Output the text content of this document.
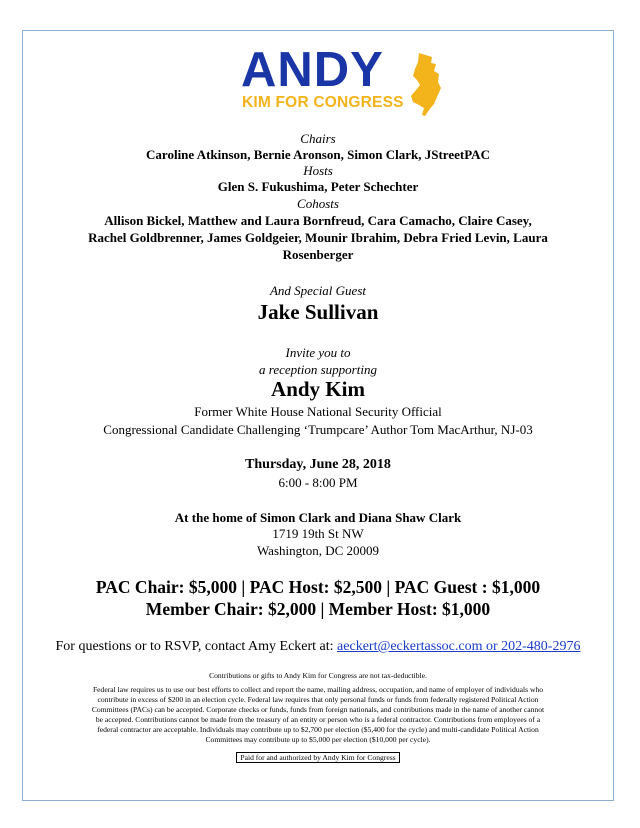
ANDY
KIM FOR CONGRESS
Chairs
Caroline Atkinson, Bernie Aronson, Simon Clark, JStreetPAC
Hosts
Glen S. Fukushima, Peter Schechter
Cohosts
Allison Bickel, Matthew and Laura Bornfreud, Cara Camacho, Claire Casey,
Rachel Goldbrenner, James Goldgeier, Mounir Ibrahim, Debra Fried Levin, Laura
Rosenberger
And Special Guest
Jake Sullivan
Invite you to
a reception supporting
Andy Kim
Former White House National Security Official
Congressional Candidate Challenging ‘Trumpcare’ Author Tom MacArthur, NJ-03
Thursday, June 28, 2018
6:00 - 8:00 PM
At the home of Simon Clark and Diana Shaw Clark
1719 19th St NW
Washington, DC 20009
PAC Chair: $5,000 | PAC Host: $2,500 | PAC Guest : $1,000
Member Chair: $2,000 | Member Host: $1,000
For questions or to RSVP, contact Amy Eckert at: aeckert@eckertassoc.com or 202-480-2976
Contributions or gifts to Andy Kim for Congress are not tax-deductible.
Federal law requires us to use our best efforts to collect and report the name, mailing address, occupation, and name of employer of individuals who
contribute in excess of $200 in an election cycle. Federal law requires that only personal funds or funds from federally registered Political Action
Committees (PACs) can be accepted. Corporate checks or funds, funds from foreign nationals, and contributions made in the name of another cannot
be accepted. Contributions cannot be made from the treasury of an entity or person who is a federal contractor. Contributions from employees of a
federal contractor are acceptable. Individuals may contribute up to $2,700 per election ($5,400 for the cycle) and multi-candidate Political Action
Committees may contribute up to $5,000 per election ($10,000 per cycle).
Paid for and authorized by Andy Kim for Congress
